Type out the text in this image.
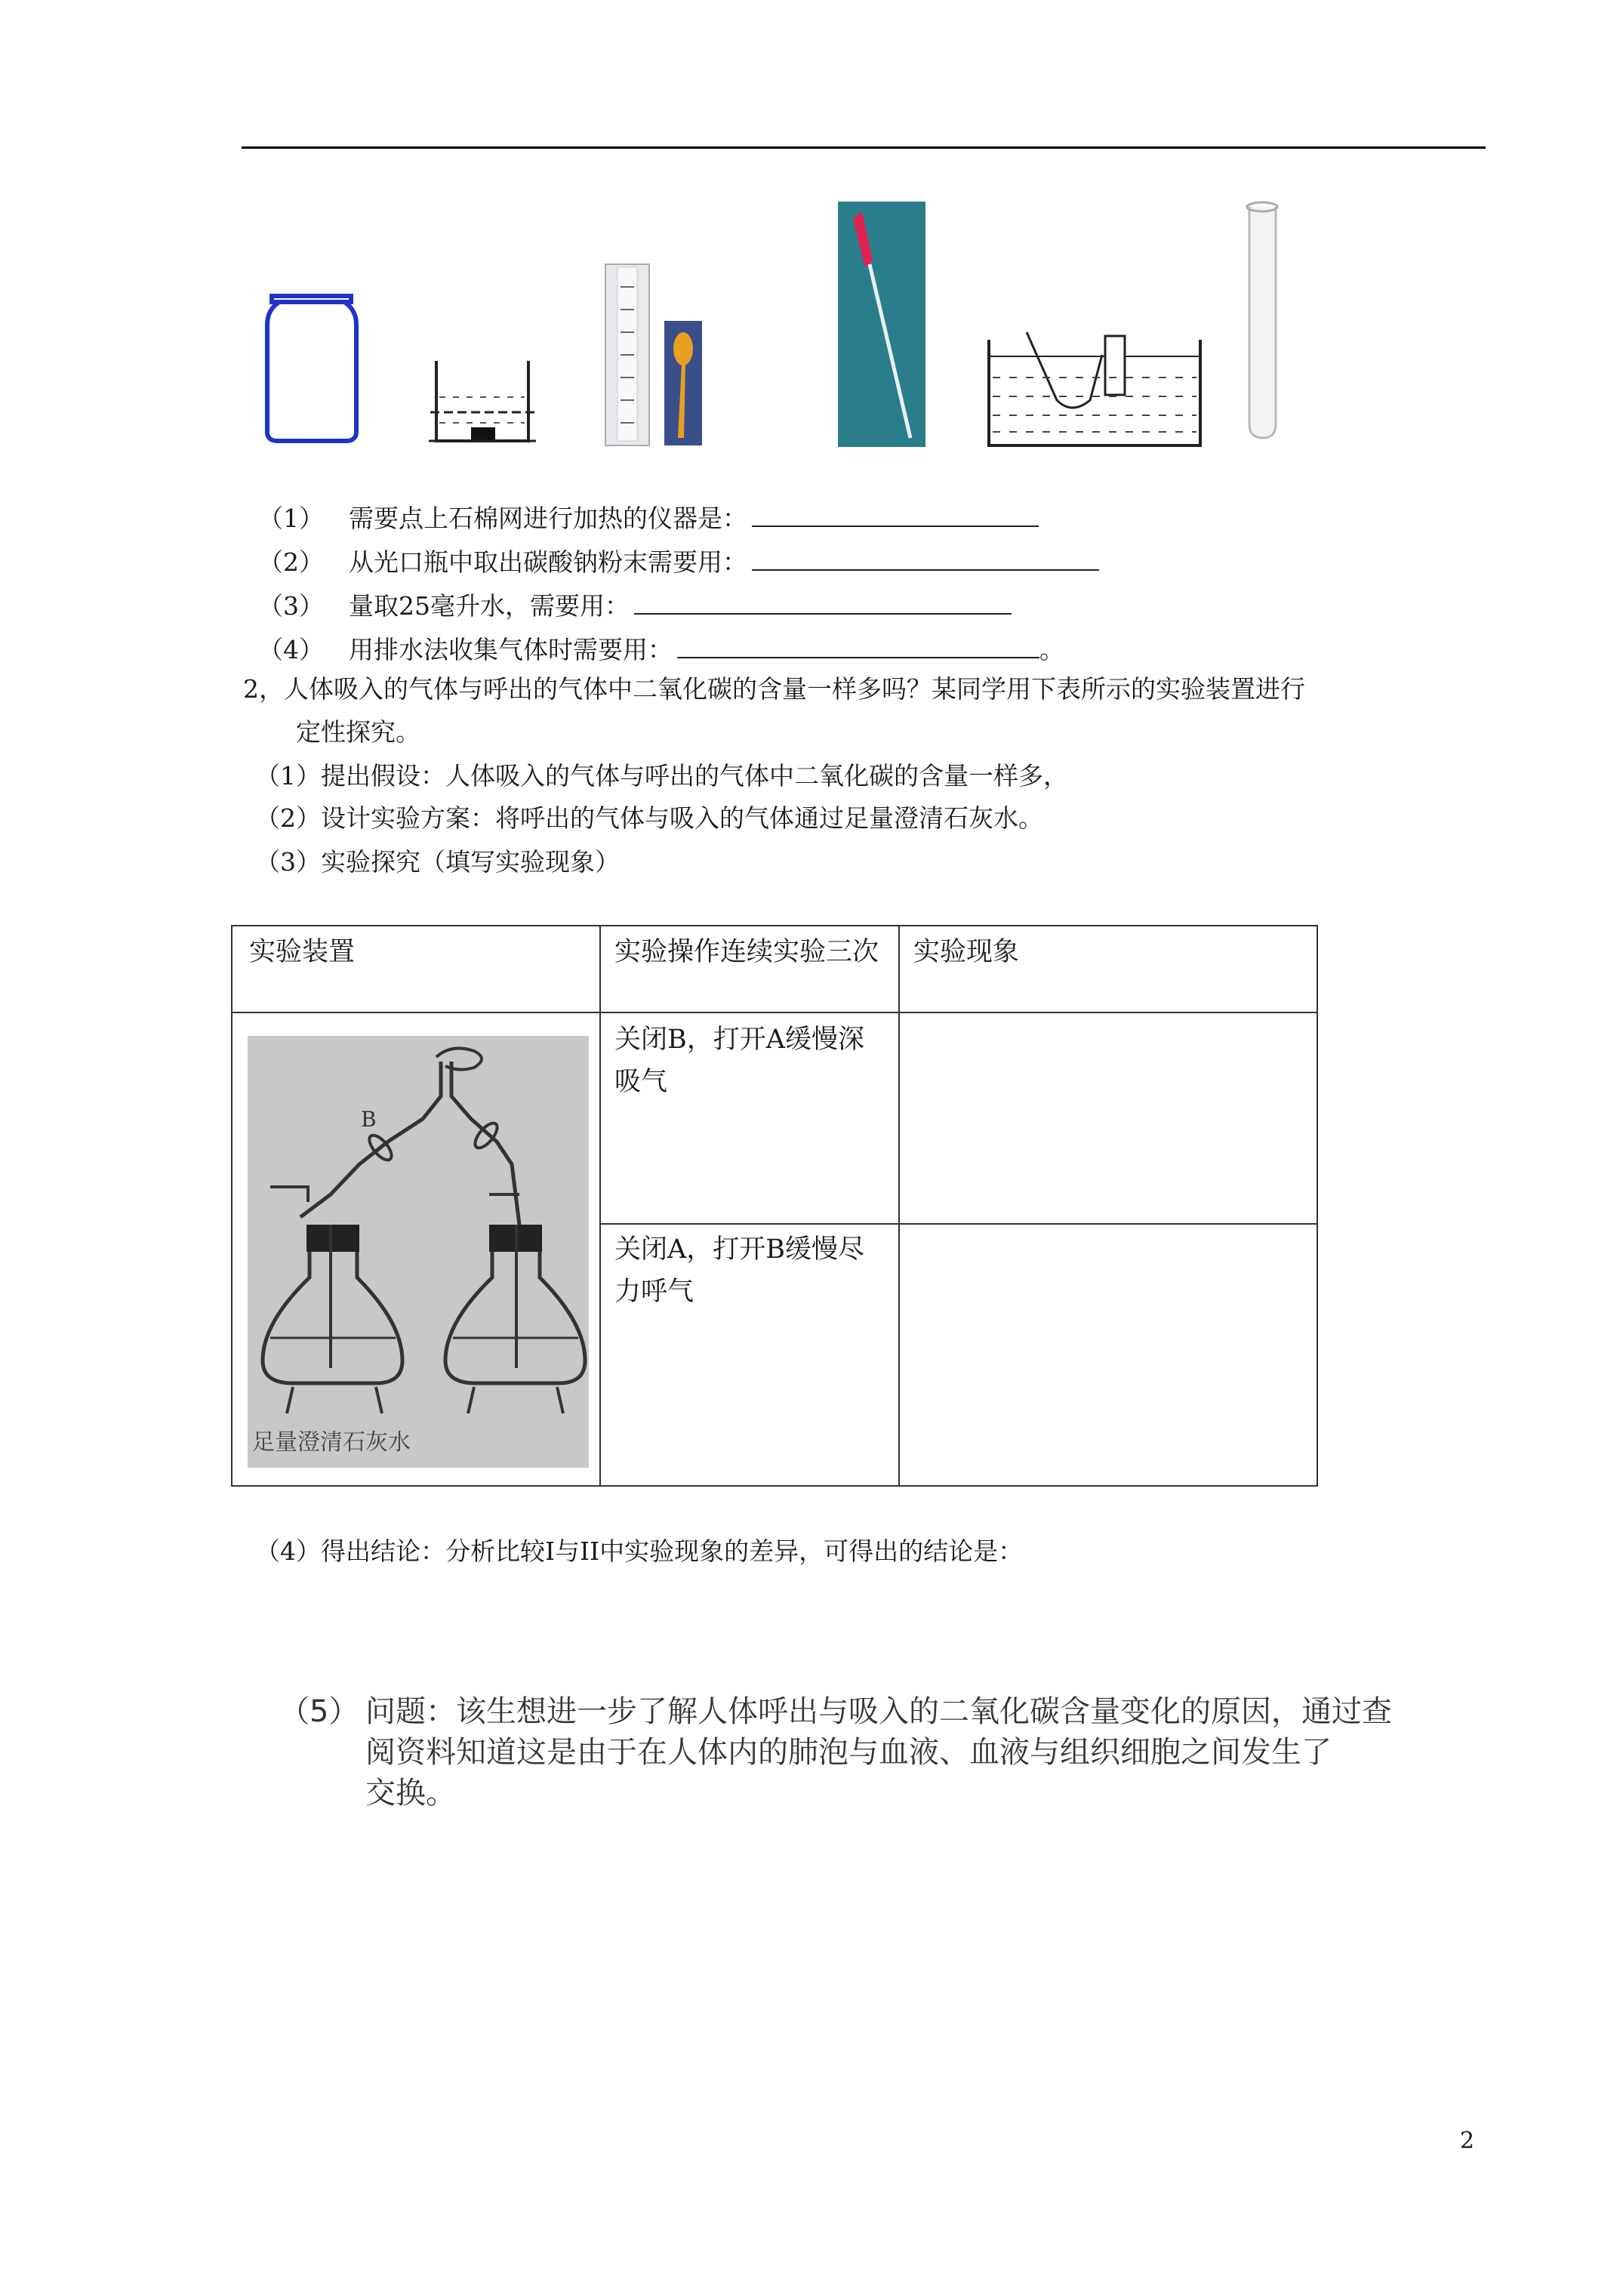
（1） 需要点上石棉网进行加热的仪器是：
（2） 从光口瓶中取出碳酸钠粉末需要用：
（3） 量取25毫升水，需要用：
（4） 用排水法收集气体时需要用：	。
2，人体吸入的气体与呼出的气体中二氧化碳的含量一样多吗？某同学用下表所示的实验装置进行
定性探究。
（1）提出假设：人体吸入的气体与呼出的气体中二氧化碳的含量一样多，
（2）设计实验方案：将呼出的气体与吸入的气体通过足量澄清石灰水。
（3）实验探究（填写实验现象）
实验装置	实验操作连续实验三次 实验现象
关闭B，打开A缓慢深吸气
关闭A，打开B缓慢尽力呼气
B
足量澄清石灰水
（4）得出结论：分析比较I与II中实验现象的差异，可得出的结论是：
（5） 问题：该生想进一步了解人体呼出与吸入的二氧化碳含量变化的原因，通过查
阅资料知道这是由于在人体内的肺泡与血液、血液与组织细胞之间发生了
交换。
2
